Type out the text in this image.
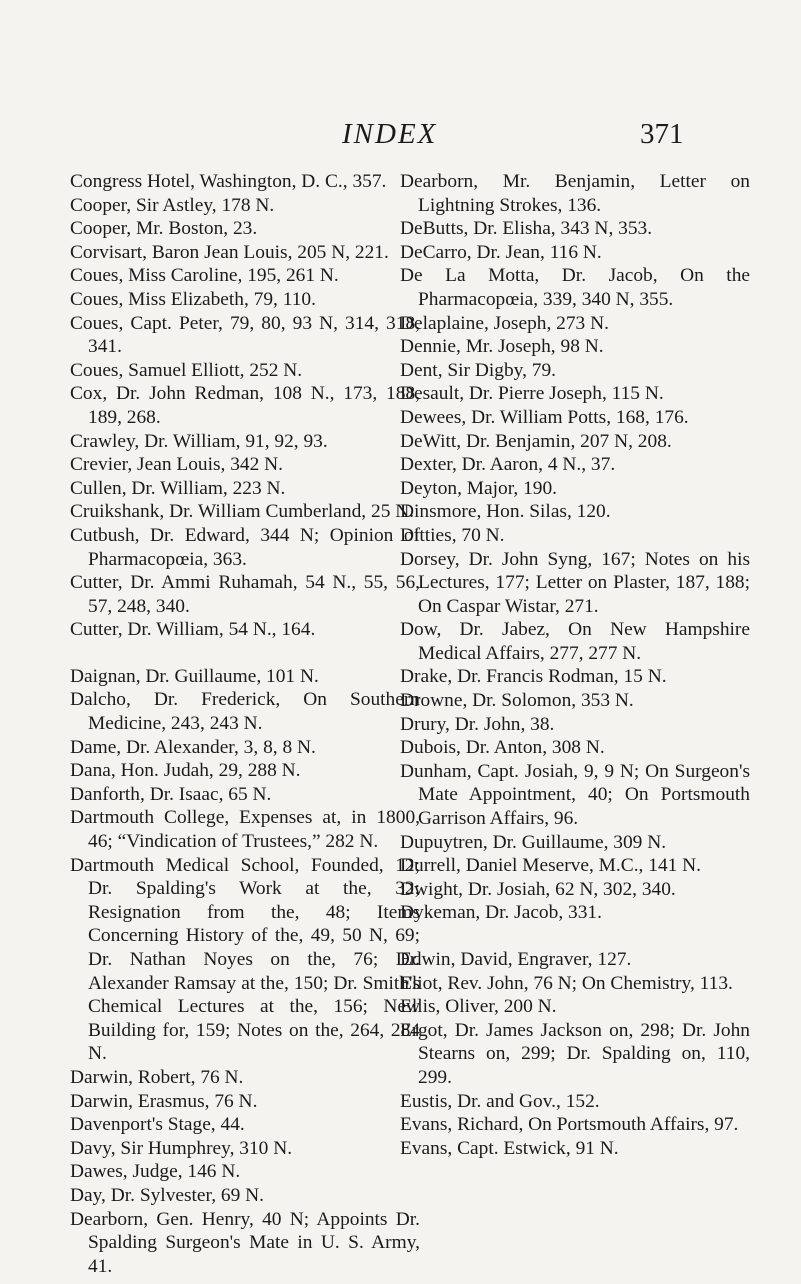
INDEX	371

Congress Hotel, Washington, D. C., 357.

Cooper, Sir Astley, 178 N.

Cooper, Mr. Boston, 23.

Corvisart, Baron Jean Louis, 205 N, 221.

Coues, Miss Caroline, 195, 261 N.

Coues, Miss Elizabeth, 79, 110.

Coues, Capt. Peter, 79, 80, 93 N, 314, 318, 341.

Coues, Samuel Elliott, 252 N.

Cox, Dr. John Redman, 108 N., 173, 188, 189, 268.

Crawley, Dr. William, 91, 92, 93.

Crevier, Jean Louis, 342 N.

Cullen, Dr. William, 223 N.

Cruikshank, Dr. William Cumberland, 25 N.

Cutbush, Dr. Edward, 344 N; Opinion of Pharmacopœia, 363.

Cutter, Dr. Ammi Ruhamah, 54 N., 55, 56, 57, 248, 340.

Cutter, Dr. William, 54 N., 164.

Daignan, Dr. Guillaume, 101 N.

Dalcho, Dr. Frederick, On Southern Medicine, 243, 243 N.

Dame, Dr. Alexander, 3, 8, 8 N.

Dana, Hon. Judah, 29, 288 N.

Danforth, Dr. Isaac, 65 N.

Dartmouth College, Expenses at, in 1800, 46; “Vindication of Trustees,” 282 N.

Dartmouth Medical School, Founded, 12; Dr. Spalding's Work at the, 32; Resignation from the, 48; Items Concerning History of the, 49, 50 N, 69; Dr. Nathan Noyes on the, 76; Dr. Alexander Ramsay at the, 150; Dr. Smith's Chemical Lectures at the, 156; New Building for, 159; Notes on the, 264, 284 N.

Darwin, Robert, 76 N.

Darwin, Erasmus, 76 N.

Davenport's Stage, 44.

Davy, Sir Humphrey, 310 N.

Dawes, Judge, 146 N.

Day, Dr. Sylvester, 69 N.

Dearborn, Gen. Henry, 40 N; Appoints Dr. Spalding Surgeon's Mate in U. S. Army, 41.

Dearborn, Mr. Benjamin, Letter on Lightning Strokes, 136.

DeButts, Dr. Elisha, 343 N, 353.

DeCarro, Dr. Jean, 116 N.

De La Motta, Dr. Jacob, On the Pharmacopœia, 339, 340 N, 355.

Delaplaine, Joseph, 273 N.

Dennie, Mr. Joseph, 98 N.

Dent, Sir Digby, 79.

Desault, Dr. Pierre Joseph, 115 N.

Dewees, Dr. William Potts, 168, 176.

DeWitt, Dr. Benjamin, 207 N, 208.

Dexter, Dr. Aaron, 4 N., 37.

Deyton, Major, 190.

Dinsmore, Hon. Silas, 120.

Ditties, 70 N.

Dorsey, Dr. John Syng, 167; Notes on his Lectures, 177; Letter on Plaster, 187, 188; On Caspar Wistar, 271.

Dow, Dr. Jabez, On New Hampshire Medical Affairs, 277, 277 N.

Drake, Dr. Francis Rodman, 15 N.

Drowne, Dr. Solomon, 353 N.

Drury, Dr. John, 38.

Dubois, Dr. Anton, 308 N.

Dunham, Capt. Josiah, 9, 9 N; On Surgeon's Mate Appointment, 40; On Portsmouth Garrison Affairs, 96.

Dupuytren, Dr. Guillaume, 309 N.

Durrell, Daniel Meserve, M.C., 141 N.

Dwight, Dr. Josiah, 62 N, 302, 340.

Dykeman, Dr. Jacob, 331.

Edwin, David, Engraver, 127.

Eliot, Rev. John, 76 N; On Chemistry, 113.

Ellis, Oliver, 200 N.

Ergot, Dr. James Jackson on, 298; Dr. John Stearns on, 299; Dr. Spalding on, 110, 299.

Eustis, Dr. and Gov., 152.

Evans, Richard, On Portsmouth Affairs, 97.

Evans, Capt. Estwick, 91 N.
